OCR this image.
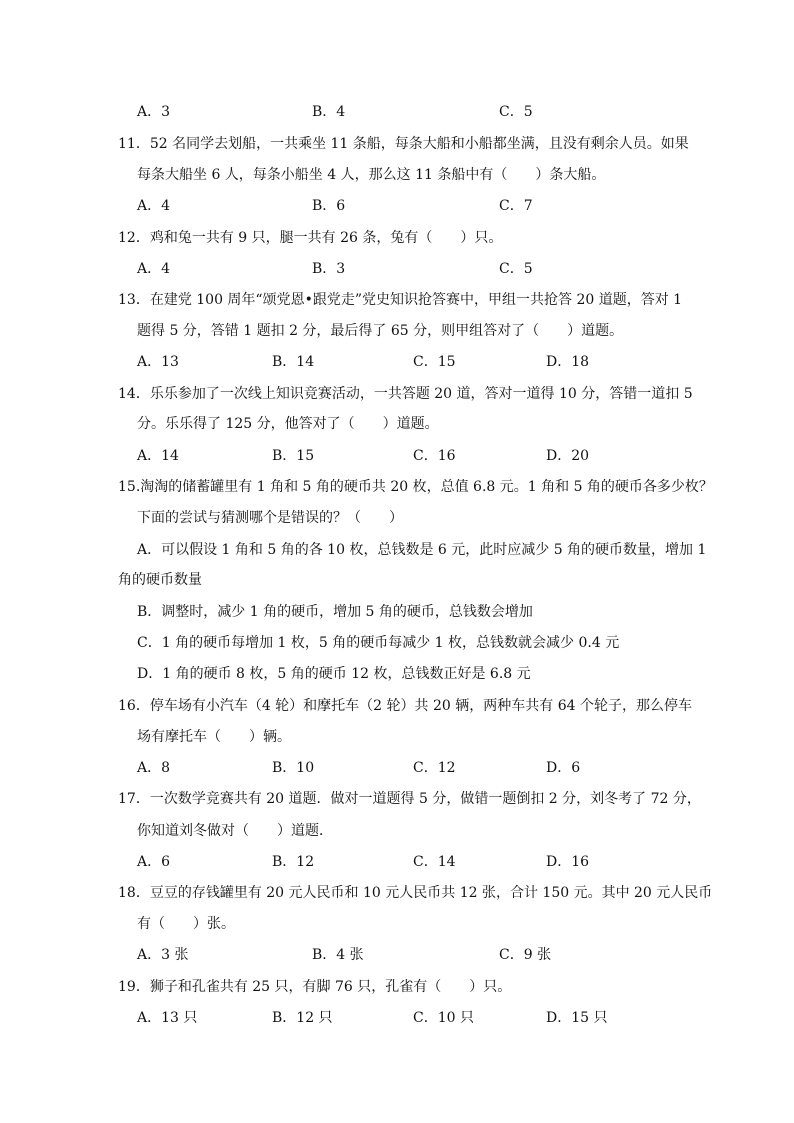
A．3	B．4	C．5
11．52 名同学去划船，一共乘坐 11 条船，每条大船和小船都坐满，且没有剩余人员。如果
每条大船坐 6 人，每条小船坐 4 人，那么这 11 条船中有（　　）条大船。
A．4	B．6	C．7
12．鸡和兔一共有 9 只，腿一共有 26 条，兔有（　　）只。
A．4	B．3	C．5
13．在建党 100 周年“颂党恩•跟党走”党史知识抢答赛中，甲组一共抢答 20 道题，答对 1
题得 5 分，答错 1 题扣 2 分，最后得了 65 分，则甲组答对了（　　）道题。
A．13	B．14	C．15	D．18
14．乐乐参加了一次线上知识竞赛活动，一共答题 20 道，答对一道得 10 分，答错一道扣 5
分。乐乐得了 125 分，他答对了（　　）道题。
A．14	B．15	C．16	D．20
15.淘淘的储蓄罐里有 1 角和 5 角的硬币共 20 枚，总值 6.8 元。1 角和 5 角的硬币各多少枚？
下面的尝试与猜测哪个是错误的？（　　）
A．可以假设 1 角和 5 角的各 10 枚，总钱数是 6 元，此时应减少 5 角的硬币数量，增加 1
角的硬币数量
B．调整时，减少 1 角的硬币，增加 5 角的硬币，总钱数会增加
C．1 角的硬币每增加 1 枚，5 角的硬币每减少 1 枚，总钱数就会减少 0.4 元
D．1 角的硬币 8 枚，5 角的硬币 12 枚，总钱数正好是 6.8 元
16．停车场有小汽车（4 轮）和摩托车（2 轮）共 20 辆，两种车共有 64 个轮子，那么停车
场有摩托车（　　）辆。
A．8	B．10	C．12	D．6
17．一次数学竞赛共有 20 道题．做对一道题得 5 分，做错一题倒扣 2 分，刘冬考了 72 分，
你知道刘冬做对（　　）道题．
A．6	B．12	C．14	D．16
18．豆豆的存钱罐里有 20 元人民币和 10 元人民币共 12 张，合计 150 元。其中 20 元人民币
有（　　）张。
A．3 张	B．4 张	C．9 张
19．狮子和孔雀共有 25 只，有脚 76 只，孔雀有（　　）只。
A．13 只	B．12 只	C．10 只	D．15 只
